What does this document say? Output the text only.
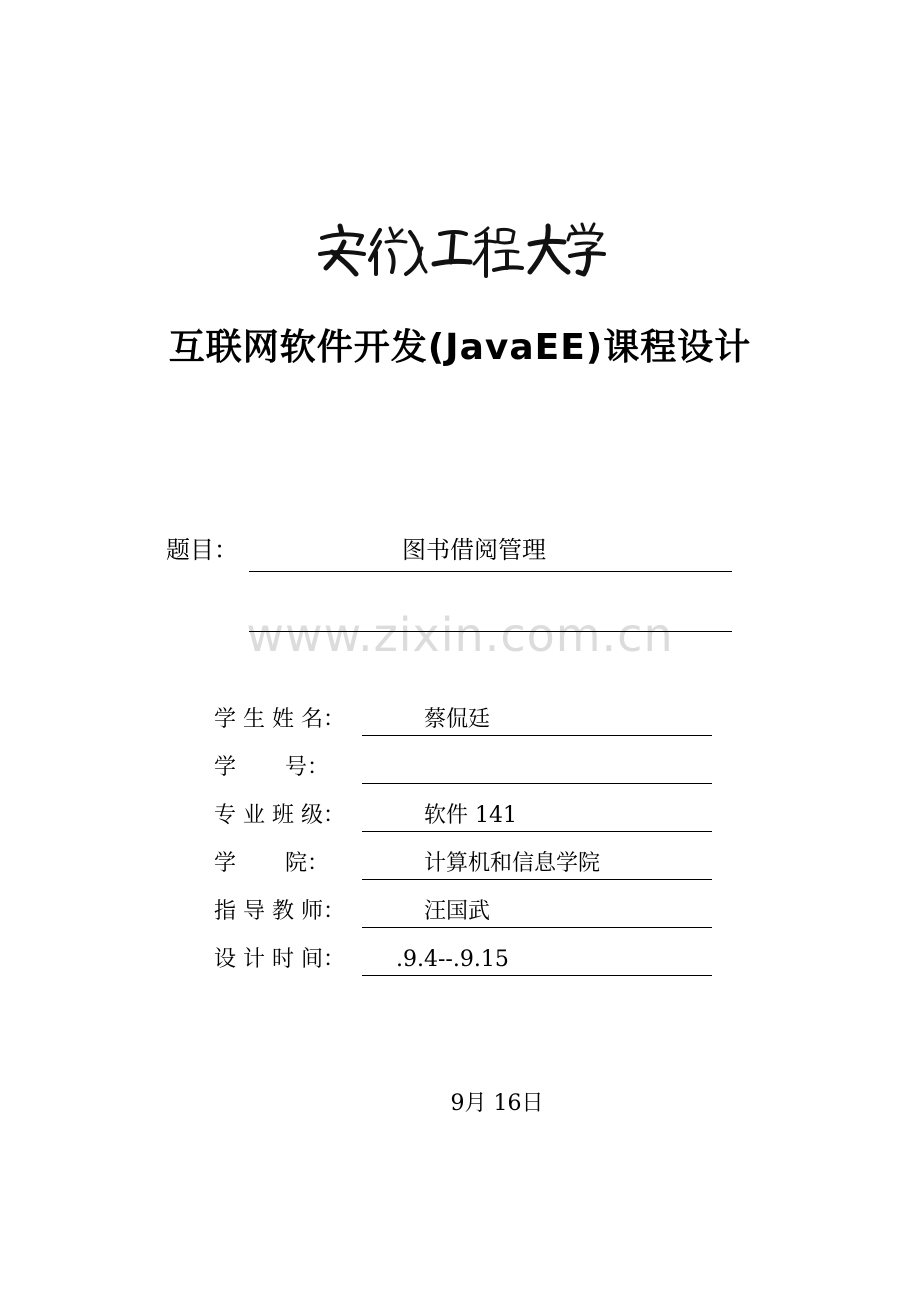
互联网软件开发(JavaEE)课程设计
题目：	图书借阅管理
www.zixin.com.cn
学 生 姓 名：	蔡侃廷
学       号：
专 业 班 级：	软件 141
学       院：	计算机和信息学院
指 导 教 师：	汪国武
设 计 时 间：	.9.4--.9.15
9月 16日
